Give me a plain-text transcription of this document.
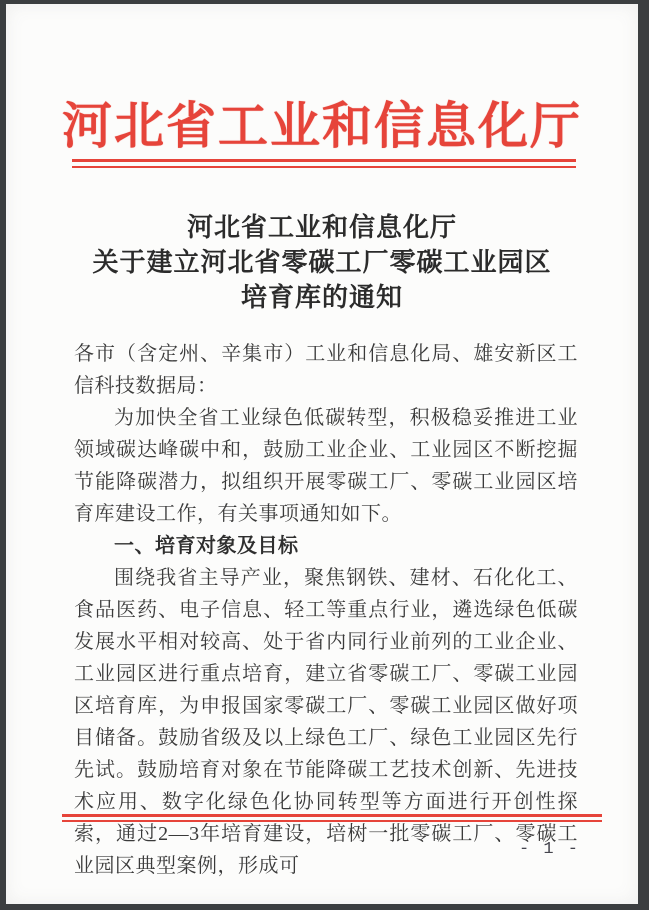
河北省工业和信息化厅
河北省工业和信息化厅
关于建立河北省零碳工厂零碳工业园区
培育库的通知

各市（含定州、辛集市）工业和信息化局、雄安新区工信科技数据局：

为加快全省工业绿色低碳转型，积极稳妥推进工业领域碳达峰碳中和，鼓励工业企业、工业园区不断挖掘节能降碳潜力，拟组织开展零碳工厂、零碳工业园区培育库建设工作，有关事项通知如下。

一、培育对象及目标

围绕我省主导产业，聚焦钢铁、建材、石化化工、食品医药、电子信息、轻工等重点行业，遴选绿色低碳发展水平相对较高、处于省内同行业前列的工业企业、工业园区进行重点培育，建立省零碳工厂、零碳工业园区培育库，为申报国家零碳工厂、零碳工业园区做好项目储备。鼓励省级及以上绿色工厂、绿色工业园区先行先试。鼓励培育对象在节能降碳工艺技术创新、先进技术应用、数字化绿色化协同转型等方面进行开创性探索，通过2—3年培育建设，培树一批零碳工厂、零碳工业园区典型案例，形成可

- 1 -
